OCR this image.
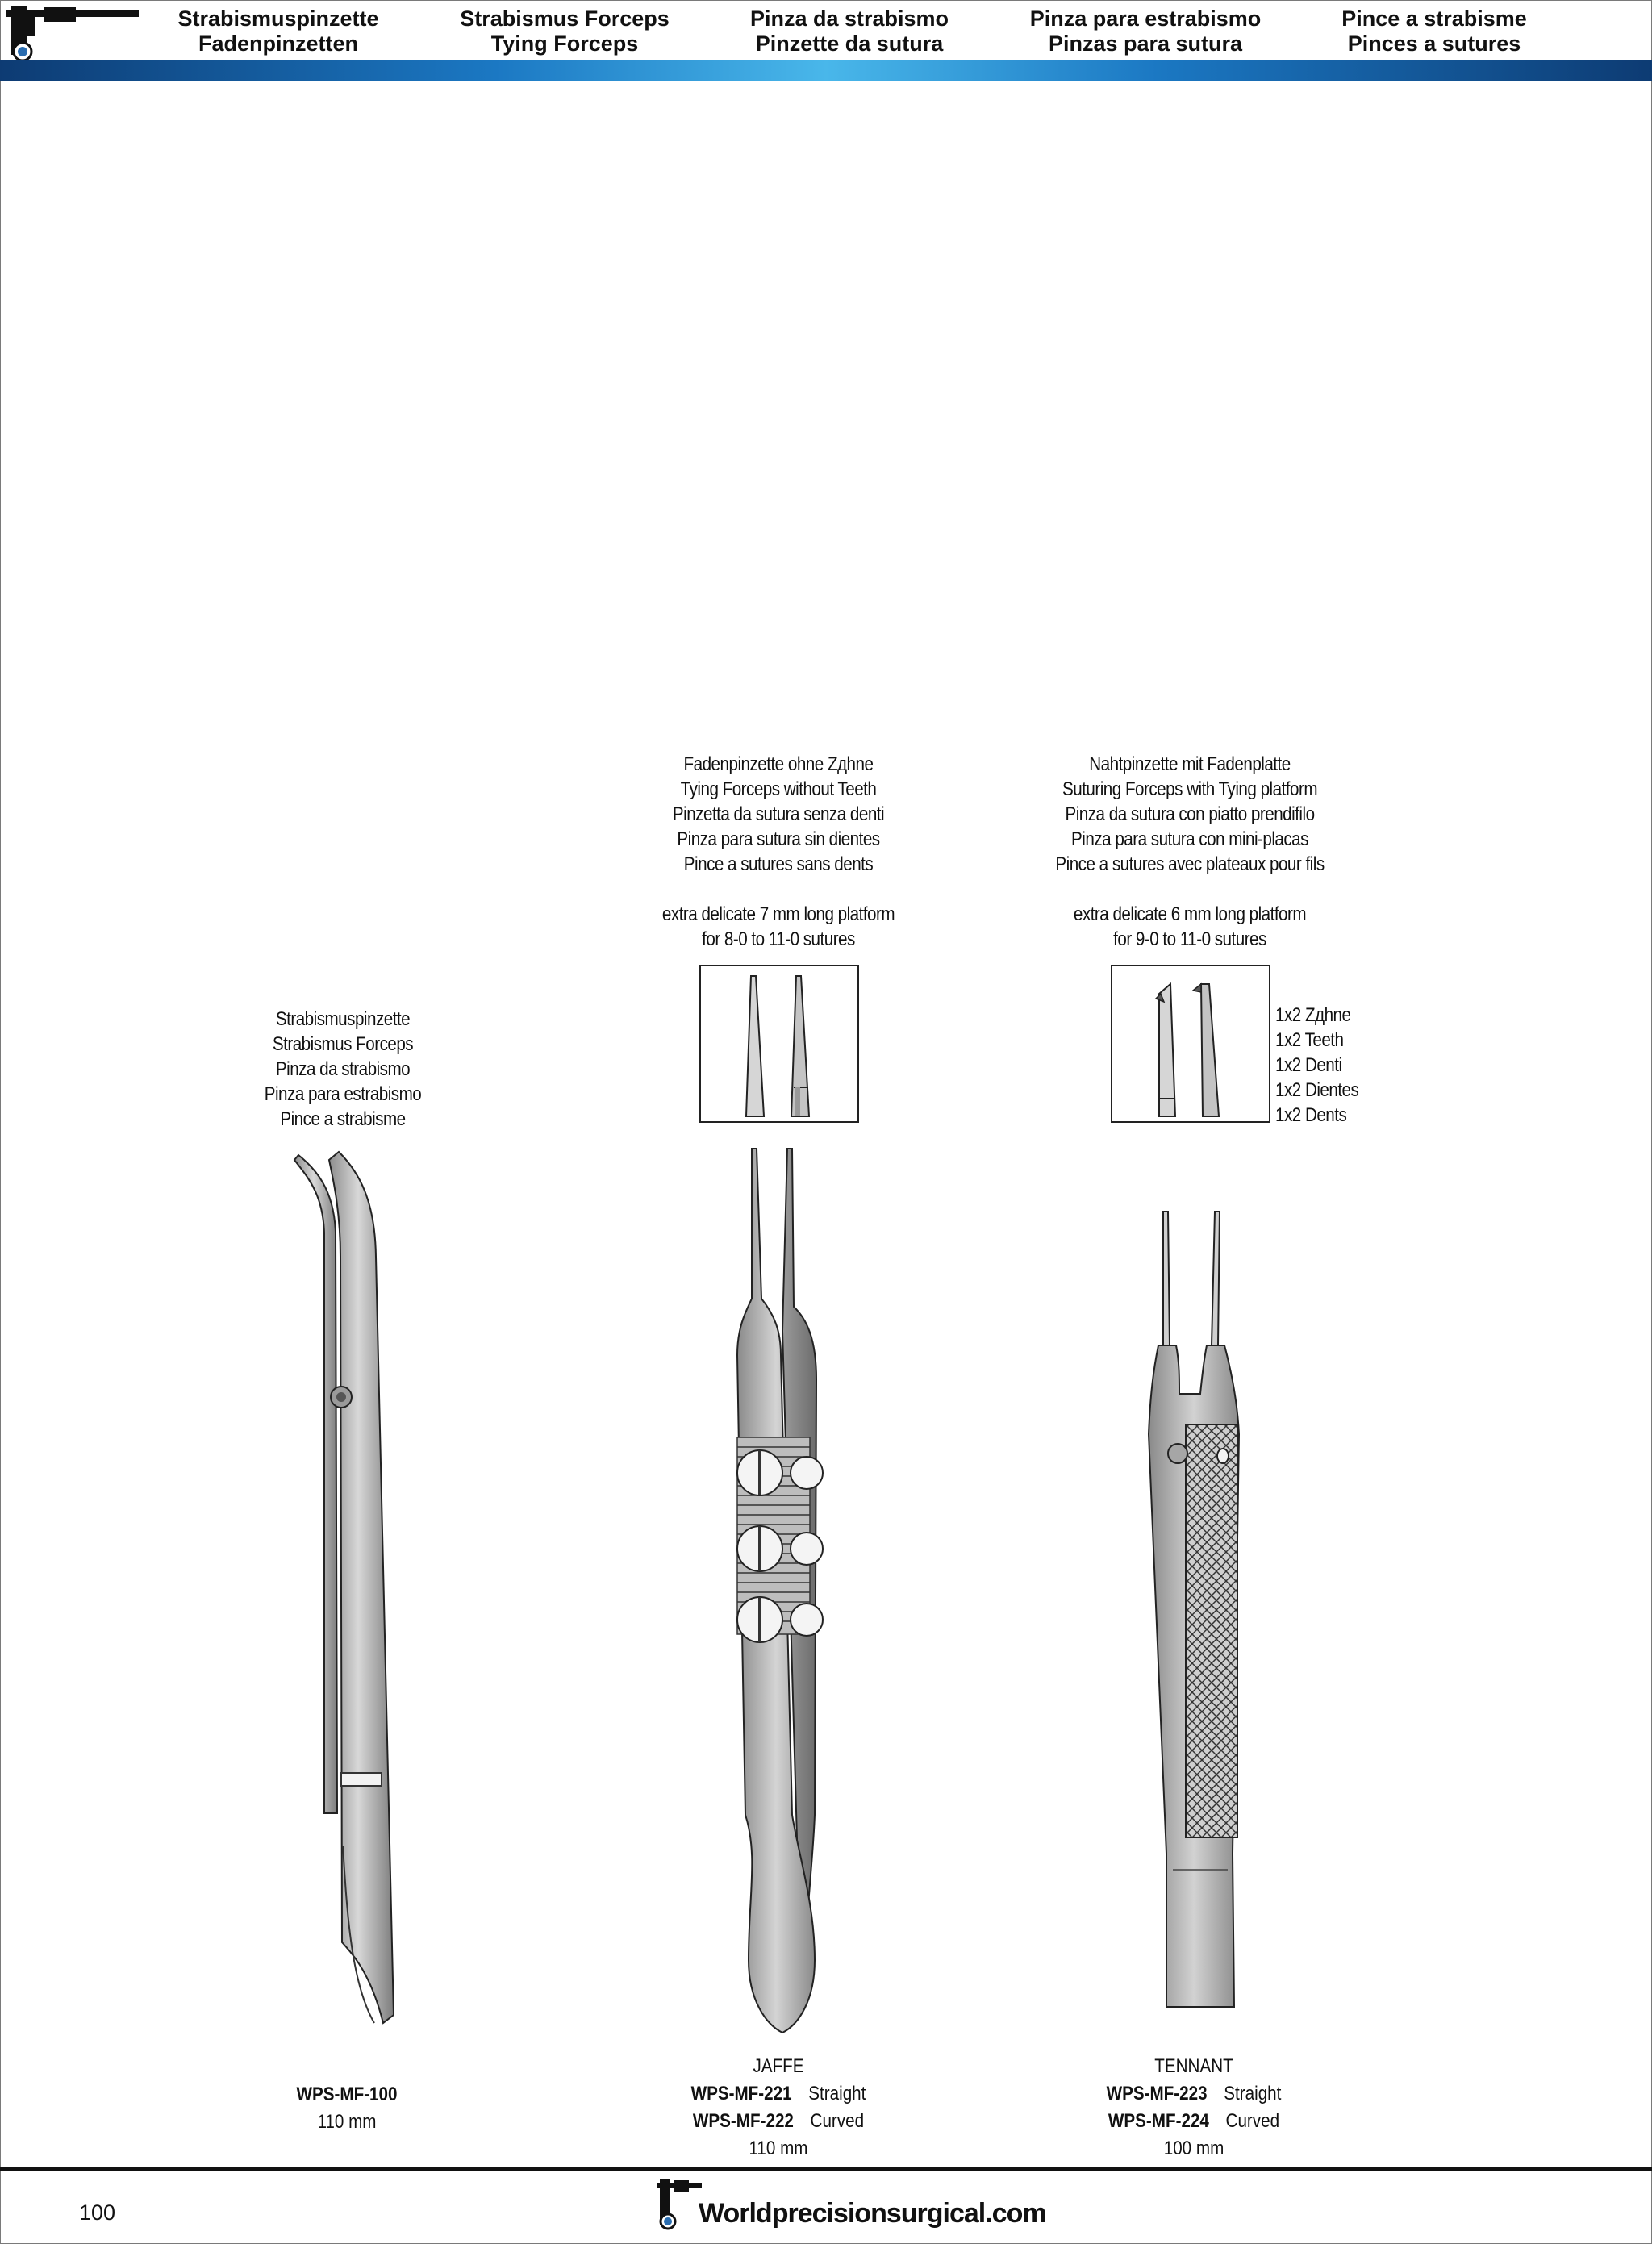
Strabismuspinzette
Fadenpinzetten
Strabismus Forceps
Tying Forceps
Pinza da strabismo
Pinzette da sutura
Pinza para estrabismo
Pinzas para sutura
Pince a strabisme
Pinces a sutures
Strabismuspinzette
Strabismus Forceps
Pinza da strabismo
Pinza para estrabismo
Pince a strabisme
WPS-MF-100
110 mm
Fadenpinzette ohne Zдhne
Tying Forceps without Teeth
Pinzetta da sutura senza denti
Pinza para sutura sin dientes
Pince a sutures sans dents
extra delicate 7 mm long platform
for 8-0 to 11-0 sutures
JAFFE
WPS-MF-221 Straight
WPS-MF-222 Curved
110 mm
Nahtpinzette mit Fadenplatte
Suturing Forceps with Tying platform
Pinza da sutura con piatto prendifilo
Pinza para sutura con mini-placas
Pince a sutures avec plateaux pour fils
extra delicate 6 mm long platform
for 9-0 to 11-0 sutures
1x2 Zдhne
1x2 Teeth
1x2 Denti
1x2 Dientes
1x2 Dents
TENNANT
WPS-MF-223 Straight
WPS-MF-224 Curved
100 mm
100	Worldprecisionsurgical.com
